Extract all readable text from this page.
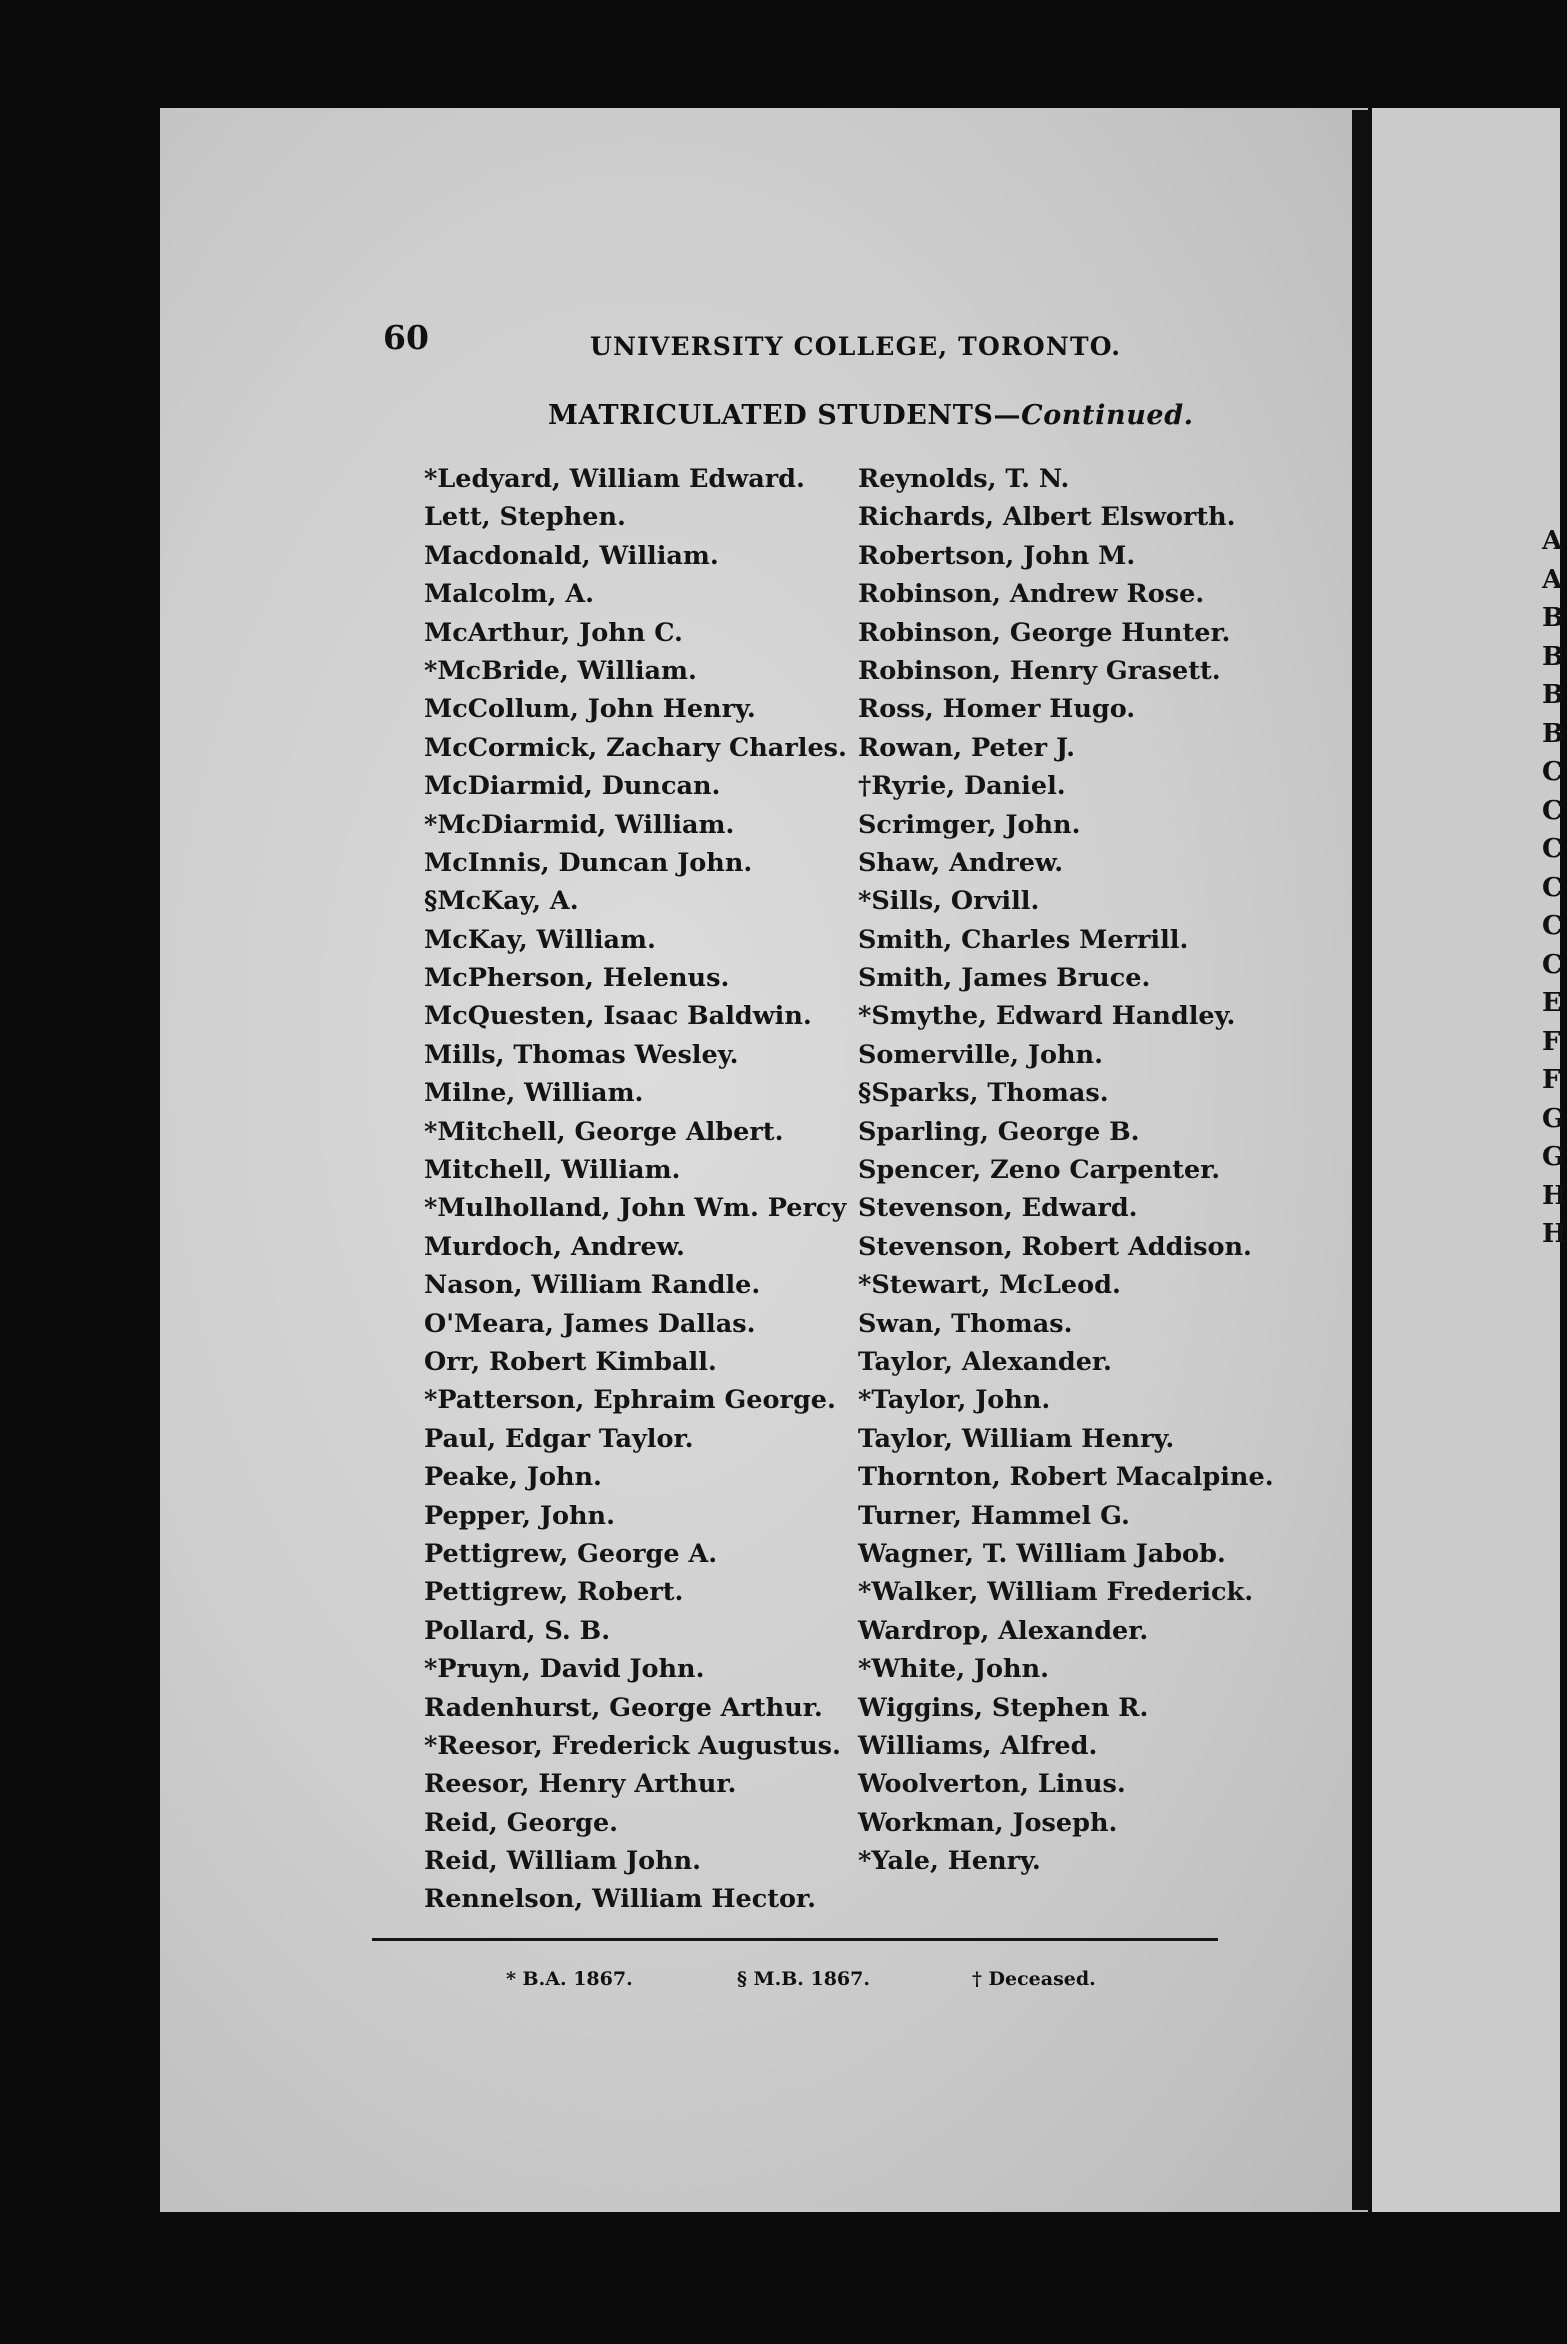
A
A
B
B
B
B
C
C
C
C
C
C
E
F
F
G
G
H
H
60	UNIVERSITY COLLEGE, TORONTO.
MATRICULATED STUDENTS—Continued.
*Ledyard, William Edward.
Lett, Stephen.
Macdonald, William.
Malcolm, A.
McArthur, John C.
*McBride, William.
McCollum, John Henry.
McCormick, Zachary Charles.
McDiarmid, Duncan.
*McDiarmid, William.
McInnis, Duncan John.
§McKay, A.
McKay, William.
McPherson, Helenus.
McQuesten, Isaac Baldwin.
Mills, Thomas Wesley.
Milne, William.
*Mitchell, George Albert.
Mitchell, William.
*Mulholland, John Wm. Percy
Murdoch, Andrew.
Nason, William Randle.
O'Meara, James Dallas.
Orr, Robert Kimball.
*Patterson, Ephraim George.
Paul, Edgar Taylor.
Peake, John.
Pepper, John.
Pettigrew, George A.
Pettigrew, Robert.
Pollard, S. B.
*Pruyn, David John.
Radenhurst, George Arthur.
*Reesor, Frederick Augustus.
Reesor, Henry Arthur.
Reid, George.
Reid, William John.
Rennelson, William Hector.
Reynolds, T. N.
Richards, Albert Elsworth.
Robertson, John M.
Robinson, Andrew Rose.
Robinson, George Hunter.
Robinson, Henry Grasett.
Ross, Homer Hugo.
Rowan, Peter J.
†Ryrie, Daniel.
Scrimger, John.
Shaw, Andrew.
*Sills, Orvill.
Smith, Charles Merrill.
Smith, James Bruce.
*Smythe, Edward Handley.
Somerville, John.
§Sparks, Thomas.
Sparling, George B.
Spencer, Zeno Carpenter.
Stevenson, Edward.
Stevenson, Robert Addison.
*Stewart, McLeod.
Swan, Thomas.
Taylor, Alexander.
*Taylor, John.
Taylor, William Henry.
Thornton, Robert Macalpine.
Turner, Hammel G.
Wagner, T. William Jabob.
*Walker, William Frederick.
Wardrop, Alexander.
*White, John.
Wiggins, Stephen R.
Williams, Alfred.
Woolverton, Linus.
Workman, Joseph.
*Yale, Henry.
* B.A. 1867.	§ M.B. 1867.	† Deceased.
